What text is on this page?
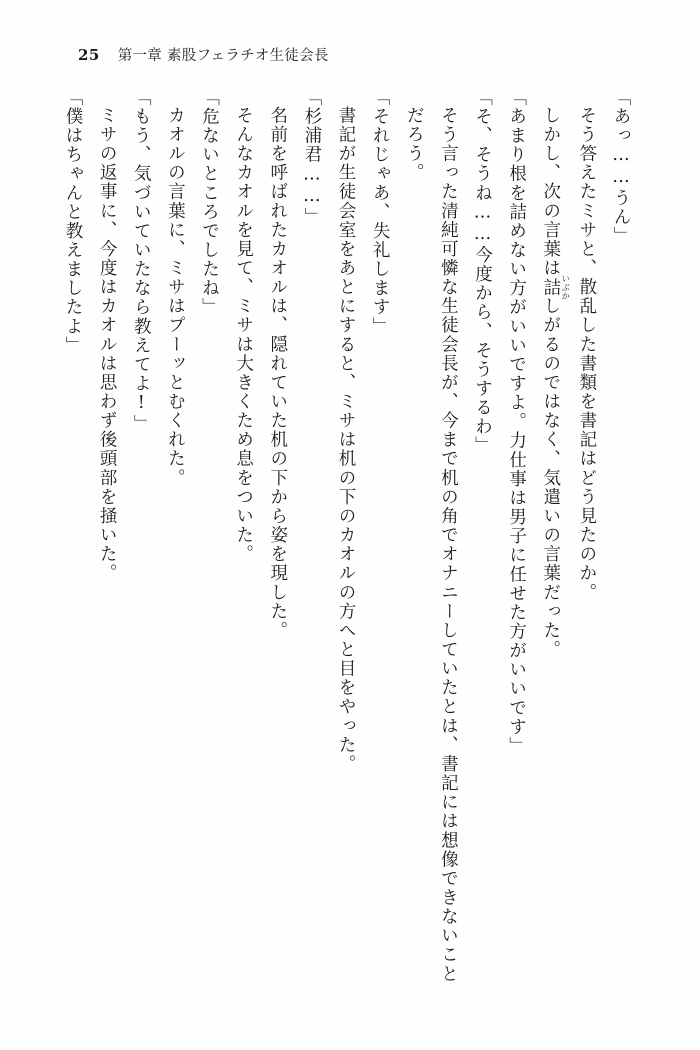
25 第一章 素股フェラチオ生徒会長

「あっ……うん」

そう答えたミサと、散乱した書類を書記はどう見たのか。

しかし、次の言葉は詰 いぶかしがるのではなく、気遣いの言葉だった。

「あまり根を詰めない方がいいですよ。力仕事は男子に任せた方がいいです」

「そ、そうね……今度から、そうするわ」

そう言った清純可憐な生徒会長が、今まで机の角でオナニーしていたとは、書記には想像できないことだろう。

「それじゃあ、失礼します」

書記が生徒会室をあとにすると、ミサは机の下のカオルの方へと目をやった。

「杉浦君……」

名前を呼ばれたカオルは、隠れていた机の下から姿を現した。

そんなカオルを見て、ミサは大きくため息をついた。

「危ないところでしたね」

カオルの言葉に、ミサはプーッとむくれた。

「もう、気づいていたなら教えてよ!」

ミサの返事に、今度はカオルは思わず後頭部を掻いた。

「僕はちゃんと教えましたよ」
